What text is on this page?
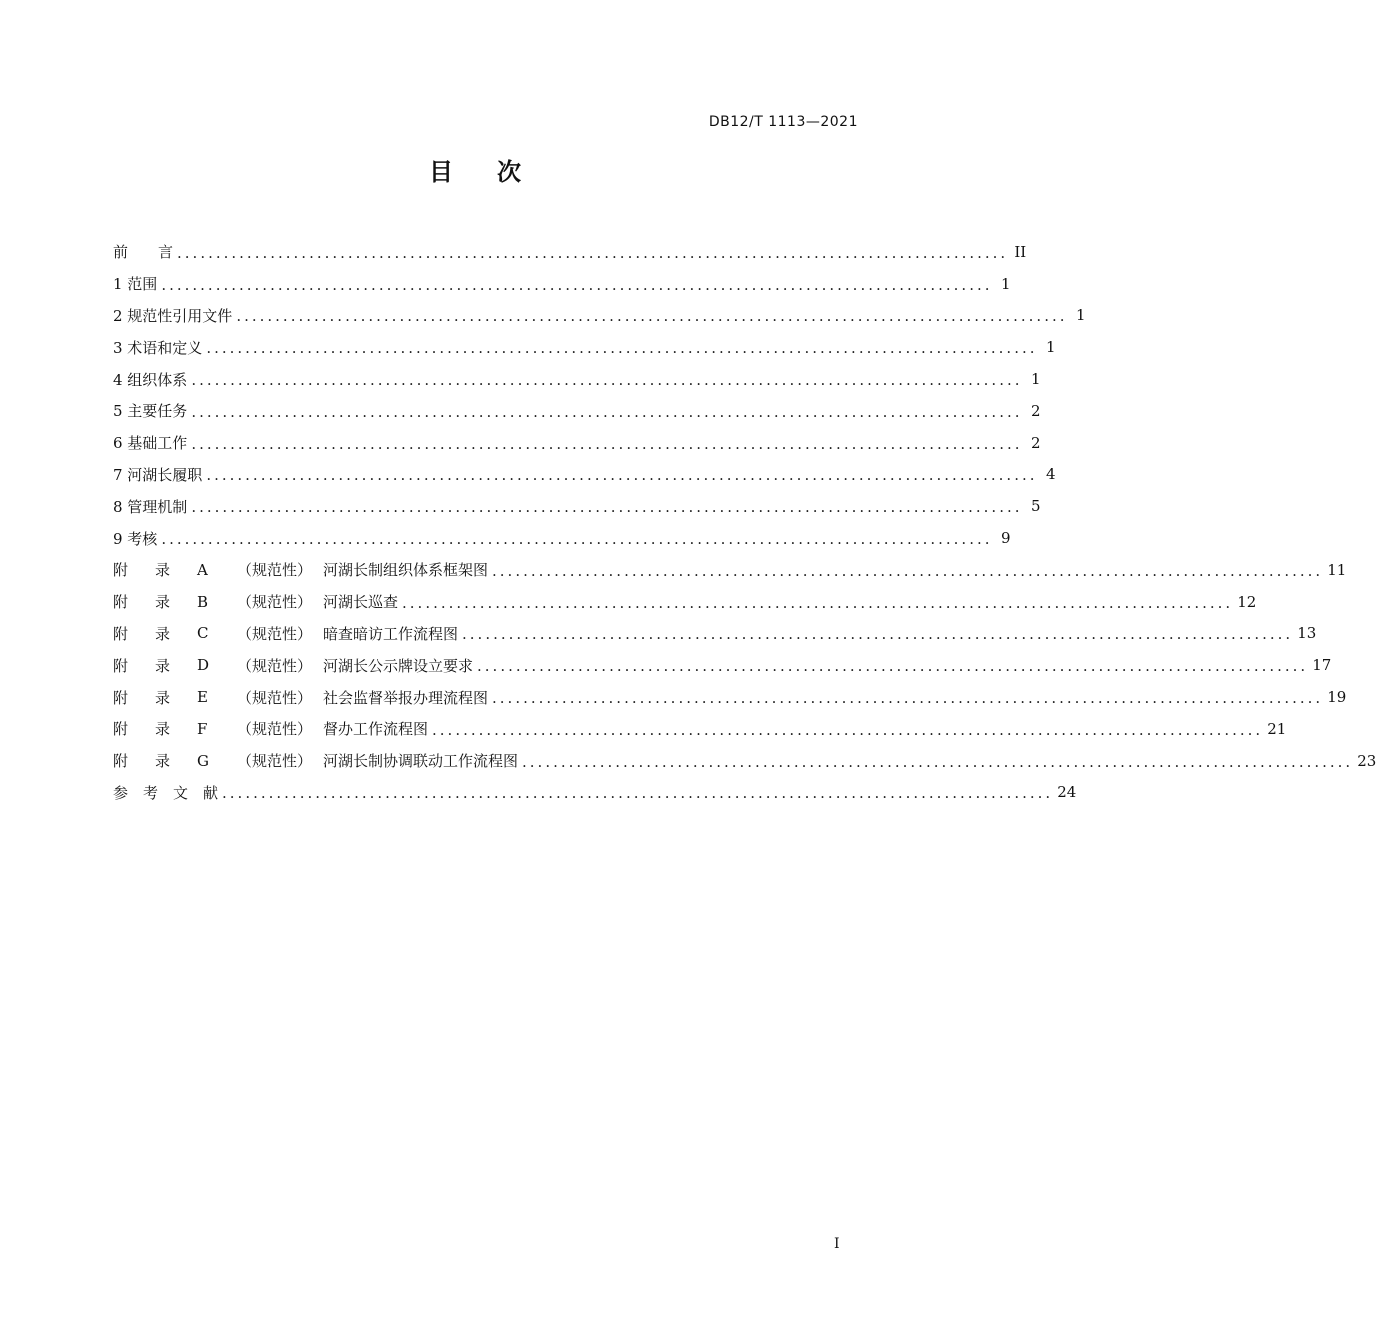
DB12/T 1113—2021
目 次
前　　言 ........................................................................................................... II
1 范围 ........................................................................................................... 1
2 规范性引用文件 ........................................................................................................... 1
3 术语和定义 ........................................................................................................... 1
4 组织体系 ........................................................................................................... 1
5 主要任务 ........................................................................................................... 2
6 基础工作 ........................................................................................................... 2
7 河湖长履职 ........................................................................................................... 4
8 管理机制 ........................................................................................................... 5
9 考核 ........................................................................................................... 9
附 录 A	（规范性） 河湖长制组织体系框架图 ........................................................................................................... 11
附 录 B	（规范性） 河湖长巡查 ........................................................................................................... 12
附 录 C	（规范性） 暗查暗访工作流程图 ........................................................................................................... 13
附 录 D	（规范性） 河湖长公示牌设立要求 ........................................................................................................... 17
附 录 E	（规范性） 社会监督举报办理流程图 ........................................................................................................... 19
附 录 F	（规范性） 督办工作流程图 ........................................................................................................... 21
附 录 G	（规范性） 河湖长制协调联动工作流程图 ........................................................................................................... 23
参　考　文　献 ........................................................................................................... 24
I
